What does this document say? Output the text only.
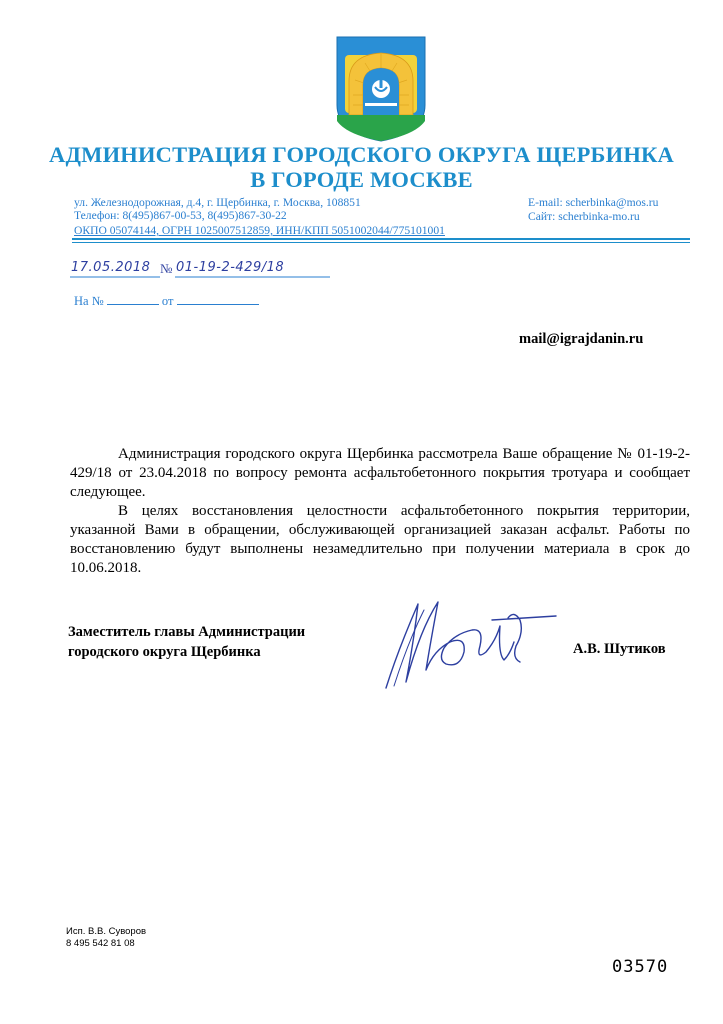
АДМИНИСТРАЦИЯ ГОРОДСКОГО ОКРУГА ЩЕРБИНКА
В ГОРОДЕ МОСКВЕ
ул. Железнодорожная, д.4, г. Щербинка, г. Москва, 108851
Телефон: 8(495)867-00-53, 8(495)867-30-22
ОКПО 05074144, ОГРН 1025007512859, ИНН/КПП 5051002044/775101001
E-mail: scherbinka@mos.ru
Сайт: scherbinka-mo.ru
17.05.2018 № 01-19-2-429/18
На №	от
mail@igrajdanin.ru

Администрация городского округа Щербинка рассмотрела Ваше обращение № 01-19-2-429/18 от 23.04.2018 по вопросу ремонта асфальтобетонного покрытия тротуара и сообщает следующее.

В целях восстановления целостности асфальтобетонного покрытия территории, указанной Вами в обращении, обслуживающей организацией заказан асфальт. Работы по восстановлению будут выполнены незамедлительно при получении материала в срок до 10.06.2018.

Заместитель главы Администрации
городского округа Щербинка	А.В. Шутиков
Исп. В.В. Суворов
8 495 542 81 08
03570
